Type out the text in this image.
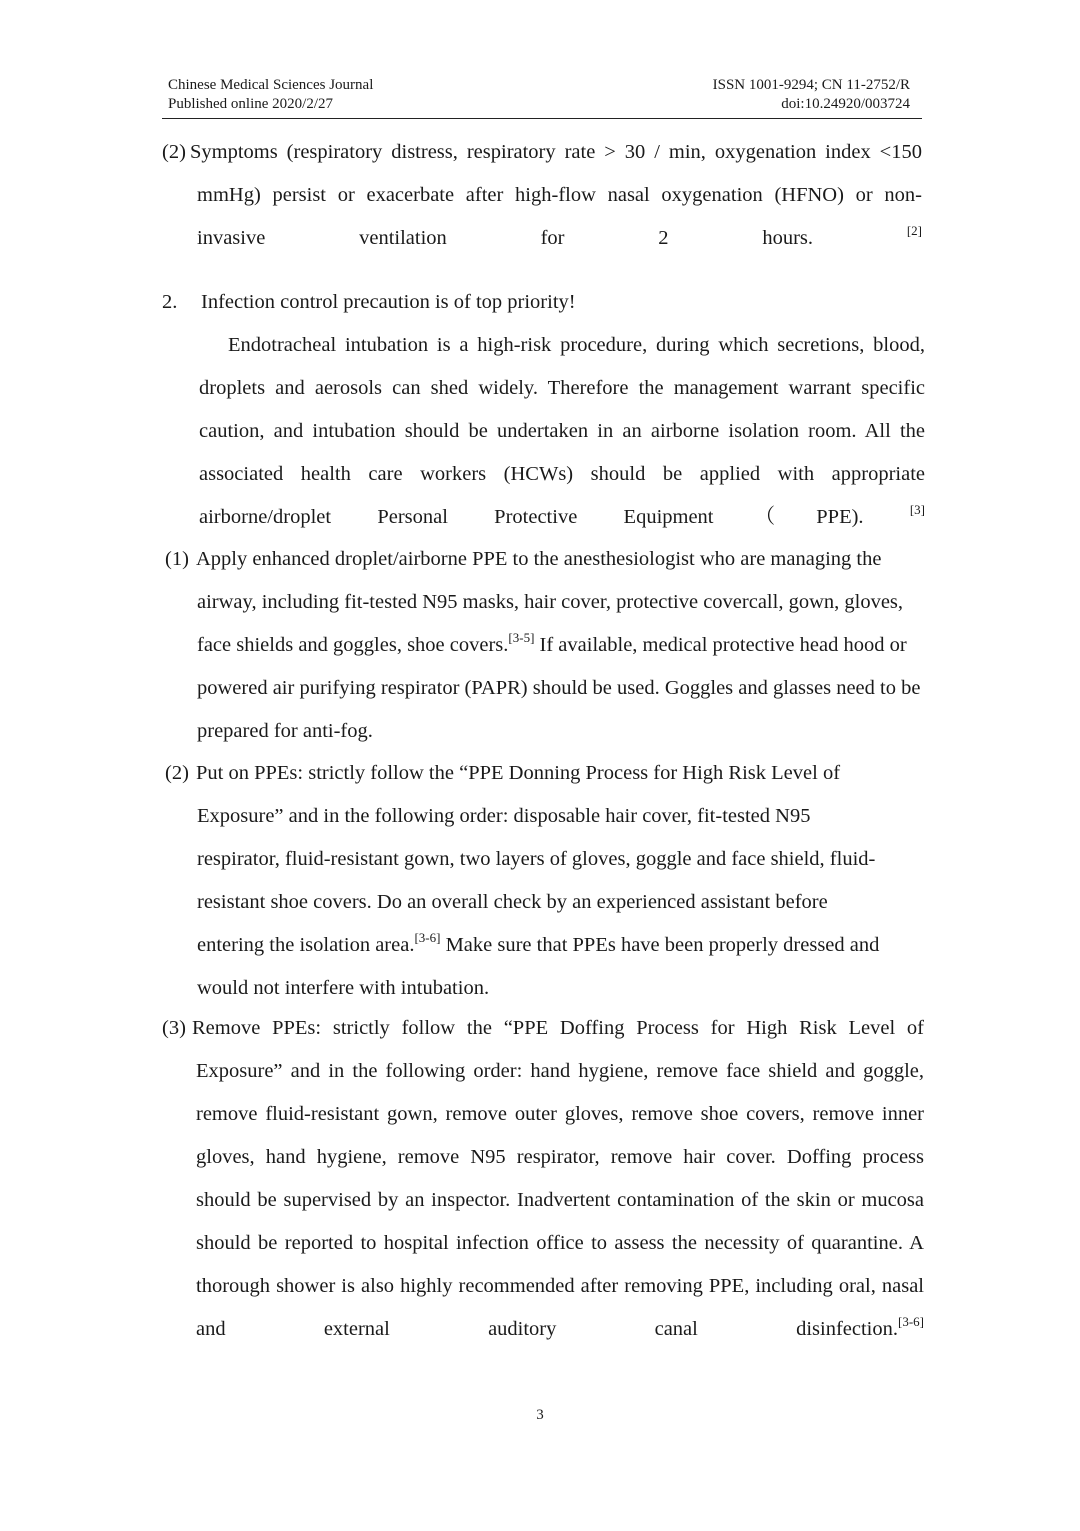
Chinese Medical Sciences Journal
Published online 2020/2/27
ISSN 1001-9294; CN 11-2752/R
doi:10.24920/003724
(2) Symptoms (respiratory distress, respiratory rate > 30 / min, oxygenation index <150 mmHg) persist or exacerbate after high-flow nasal oxygenation (HFNO) or non-invasive ventilation for 2 hours.	[2]
2. Infection control precaution is of top priority!
Endotracheal intubation is a high-risk procedure, during which secretions, blood, droplets and aerosols can shed widely. Therefore the management warrant specific caution, and intubation should be undertaken in an airborne isolation room. All the associated health care workers (HCWs) should be applied with appropriate airborne/droplet Personal Protective Equipment（PPE).	[3]
(1) Apply enhanced droplet/airborne PPE to the anesthesiologist who are managing the airway, including fit-tested N95 masks, hair cover, protective covercall, gown, gloves, face shields and goggles, shoe covers.[3-5] If available, medical protective head hood or powered air purifying respirator (PAPR) should be used. Goggles and glasses need to be prepared for anti-fog.
(2) Put on PPEs: strictly follow the “PPE Donning Process for High Risk Level of Exposure” and in the following order: disposable hair cover, fit-tested N95 respirator, fluid-resistant gown, two layers of gloves, goggle and face shield, fluid-resistant shoe covers. Do an overall check by an experienced assistant before entering the isolation area.[3-6] Make sure that PPEs have been properly dressed and would not interfere with intubation.
(3) Remove PPEs: strictly follow the “PPE Doffing Process for High Risk Level of Exposure” and in the following order: hand hygiene, remove face shield and goggle, remove fluid-resistant gown, remove outer gloves, remove shoe covers, remove inner gloves, hand hygiene, remove N95 respirator, remove hair cover. Doffing process should be supervised by an inspector. Inadvertent contamination of the skin or mucosa should be reported to hospital infection office to assess the necessity of quarantine. A thorough shower is also highly recommended after removing PPE, including oral, nasal and external auditory canal disinfection.[3-6]
3
